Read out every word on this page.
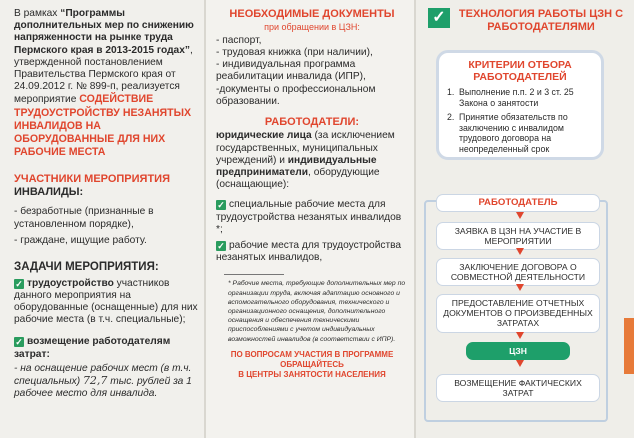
В рамках “Программы дополнительных мер по снижению напряженности на рынке труда Пермского края в 2013-2015 годах”, утвержденной постановлением Правительства Пермского края от 24.09.2012 г. № 899-п, реализуется мероприятие СОДЕЙСТВИЕ ТРУДОУСТРОЙСТВУ НЕЗАНЯТЫХ ИНВАЛИДОВ НА ОБОРУДОВАННЫЕ ДЛЯ НИХ РАБОЧИЕ МЕСТА
УЧАСТНИКИ МЕРОПРИЯТИЯ
ИНВАЛИДЫ:
- безработные (признанные в установленном порядке),
- граждане, ищущие работу.
ЗАДАЧИ МЕРОПРИЯТИЯ:
✓ трудоустройство участников данного мероприятия на оборудованные (оснащенные) для них рабочие места (в т.ч. специальные);
✓ возмещение работодателям затрат:
- на оснащение рабочих мест (в т.ч. специальных) 72,7 тыс. рублей за 1 рабочее место для инвалида.
НЕОБХОДИМЫЕ ДОКУМЕНТЫ
при обращении в ЦЗН:
- паспорт,
- трудовая книжка (при наличии),
- индивидуальная программа реабилитации инвалида (ИПР),
-документы о профессиональном образовании.
РАБОТОДАТЕЛИ:
юридические лица (за исключением государственных, муниципальных учреждений) и индивидуальные предприниматели, оборудующие (оснащающие):
✓ специальные рабочие места для трудоустройства незанятых инвалидов *;
✓ рабочие места для трудоустройства незанятых инвалидов,
* Рабочие места, требующие дополнительных мер по организации труда, включая адаптацию основного и вспомогательного оборудования, технического и организационного оснащения, дополнительного оснащения и обеспечения техническими приспособлениями с учетом индивидуальных возможностей инвалидов (в соответствии с ИПР).
ПО ВОПРОСАМ УЧАСТИЯ В ПРОГРАММЕ ОБРАЩАЙТЕСЬ
В ЦЕНТРЫ ЗАНЯТОСТИ НАСЕЛЕНИЯ
✓	ТЕХНОЛОГИЯ РАБОТЫ ЦЗН С РАБОТОДАТЕЛЯМИ
КРИТЕРИИ ОТБОРА РАБОТОДАТЕЛЕЙ
1. Выполнение п.п. 2 и 3 ст. 25 Закона о занятости
2. Принятие обязательств по заключению с инвалидом трудового договора на неопределенный срок
РАБОТОДАТЕЛЬ
ЗАЯВКА В ЦЗН НА УЧАСТИЕ В МЕРОПРИЯТИИ
ЗАКЛЮЧЕНИЕ ДОГОВОРА О СОВМЕСТНОЙ ДЕЯТЕЛЬНОСТИ
ПРЕДОСТАВЛЕНИЕ ОТЧЕТНЫХ ДОКУМЕНТОВ О ПРОИЗВЕДЕННЫХ ЗАТРАТАХ
ЦЗН
ВОЗМЕЩЕНИЕ ФАКТИЧЕСКИХ ЗАТРАТ
